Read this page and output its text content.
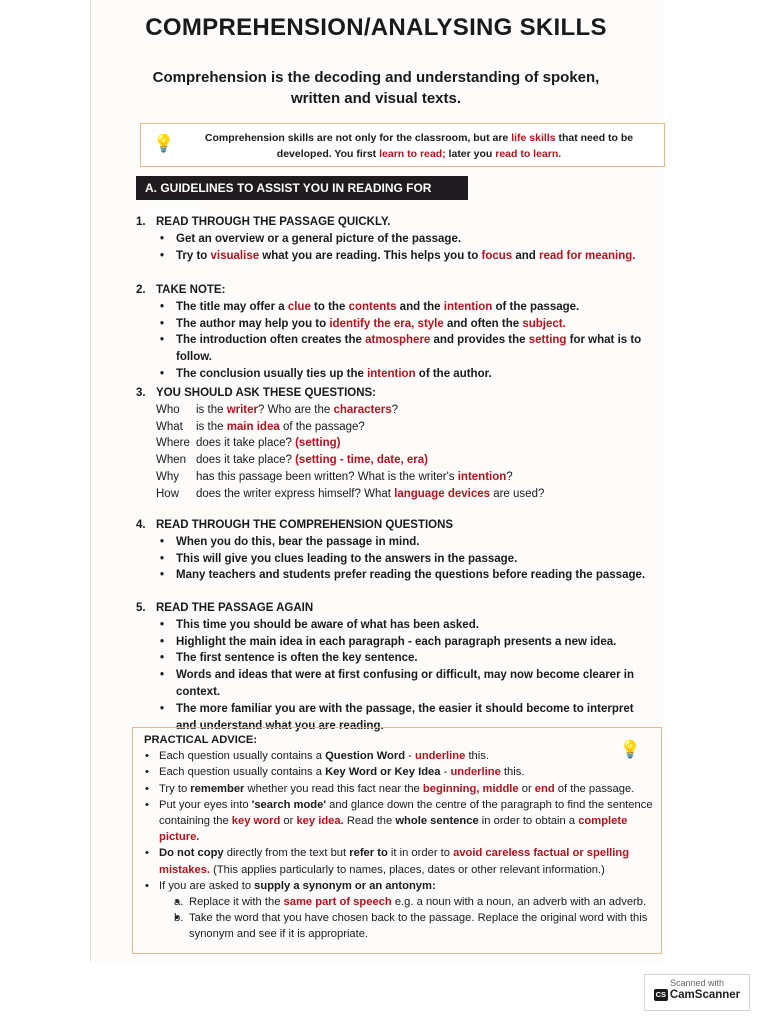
COMPREHENSION/ANALYSING SKILLS
Comprehension is the decoding and understanding of spoken, written and visual texts.
💡	Comprehension skills are not only for the classroom, but are life skills that need to be developed. You first learn to read; later you read to learn.
A. GUIDELINES TO ASSIST YOU IN READING FOR MEANING:
1. READ THROUGH THE PASSAGE QUICKLY.
• Get an overview or a general picture of the passage.
• Try to visualise what you are reading. This helps you to focus and read for meaning.
2. TAKE NOTE:
• The title may offer a clue to the contents and the intention of the passage.
• The author may help you to identify the era, style and often the subject.
• The introduction often creates the atmosphere and provides the setting for what is to follow.
• The conclusion usually ties up the intention of the author.
3. YOU SHOULD ASK THESE QUESTIONS:
Who	is the writer? Who are the characters?
What	is the main idea of the passage?
Where does it take place? (setting)
When does it take place? (setting - time, date, era)
Why	has this passage been written? What is the writer's intention?
How	does the writer express himself? What language devices are used?
4. READ THROUGH THE COMPREHENSION QUESTIONS
• When you do this, bear the passage in mind.
• This will give you clues leading to the answers in the passage.
• Many teachers and students prefer reading the questions before reading the passage.
5. READ THE PASSAGE AGAIN
• This time you should be aware of what has been asked.
• Highlight the main idea in each paragraph - each paragraph presents a new idea.
• The first sentence is often the key sentence.
• Words and ideas that were at first confusing or difficult, may now become clearer in context.
• The more familiar you are with the passage, the easier it should become to interpret and understand what you are reading.
💡
PRACTICAL ADVICE:
• Each question usually contains a Question Word - underline this.
• Each question usually contains a Key Word or Key Idea - underline this.
• Try to remember whether you read this fact near the beginning, middle or end of the passage.
• Put your eyes into 'search mode' and glance down the centre of the paragraph to find the sentence containing the key word or key idea. Read the whole sentence in order to obtain a complete picture.
• Do not copy directly from the text but refer to it in order to avoid careless factual or spelling mistakes. (This applies particularly to names, places, dates or other relevant information.)
• If you are asked to supply a synonym or an antonym:
• a. Replace it with the same part of speech e.g. a noun with a noun, an adverb with an adverb.
• b. Take the word that you have chosen back to the passage. Replace the original word with this synonym and see if it is appropriate.
Scanned with
CS CamScanner
